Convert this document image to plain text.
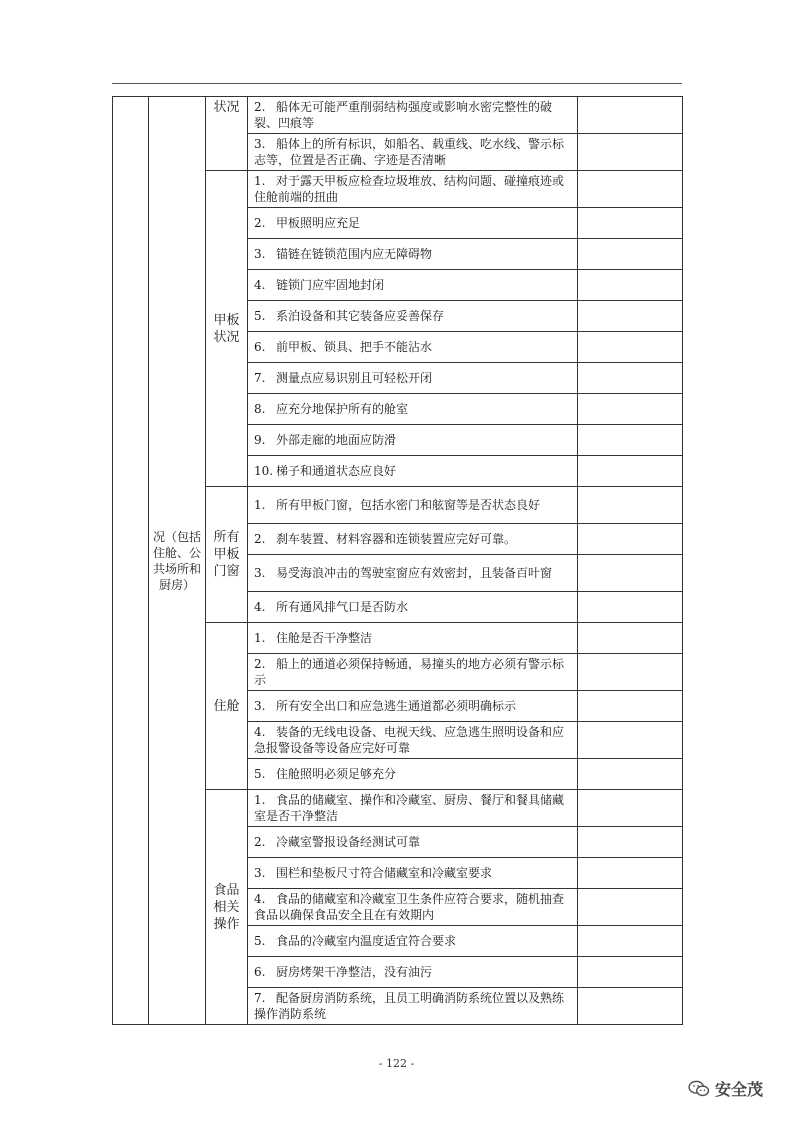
	况（包括住舱、公共场所和厨房）	状况	2. 船体无可能严重削弱结构强度或影响水密完整性的破裂、凹痕等	
			3. 船体上的所有标识，如船名、载重线、吃水线、警示标志等，位置是否正确、字迹是否清晰	
		甲板状况	1. 对于露天甲板应检查垃圾堆放、结构问题、碰撞痕迹或住舱前端的扭曲	
			2. 甲板照明应充足	
			3. 锚链在链锁范围内应无障碍物	
			4. 链锁门应牢固地封闭	
			5. 系泊设备和其它装备应妥善保存	
			6. 前甲板、锁具、把手不能沾水	
			7. 测量点应易识别且可轻松开闭	
			8. 应充分地保护所有的舱室	
			9. 外部走廊的地面应防滑	
			10. 梯子和通道状态应良好	
		所有甲板门窗	1. 所有甲板门窗，包括水密门和舷窗等是否状态良好	
			2. 刹车装置、材料容器和连锁装置应完好可靠。	
			3. 易受海浪冲击的驾驶室窗应有效密封，且装备百叶窗	
			4. 所有通风排气口是否防水	
		住舱	1. 住舱是否干净整洁	
			2. 船上的通道必须保持畅通，易撞头的地方必须有警示标示	
			3. 所有安全出口和应急逃生通道都必须明确标示	
			4. 装备的无线电设备、电视天线、应急逃生照明设备和应急报警设备等设备应完好可靠	
			5. 住舱照明必须足够充分	
		食品相关操作	1. 食品的储藏室、操作和冷藏室、厨房、餐厅和餐具储藏室是否干净整洁	
			2. 冷藏室警报设备经测试可靠	
			3. 围栏和垫板尺寸符合储藏室和冷藏室要求	
			4. 食品的储藏室和冷藏室卫生条件应符合要求，随机抽查食品以确保食品安全且在有效期内	
			5. 食品的冷藏室内温度适宜符合要求	
			6. 厨房烤架干净整洁，没有油污	
			7. 配备厨房消防系统，且员工明确消防系统位置以及熟练操作消防系统	
- 122 -
安全茂
